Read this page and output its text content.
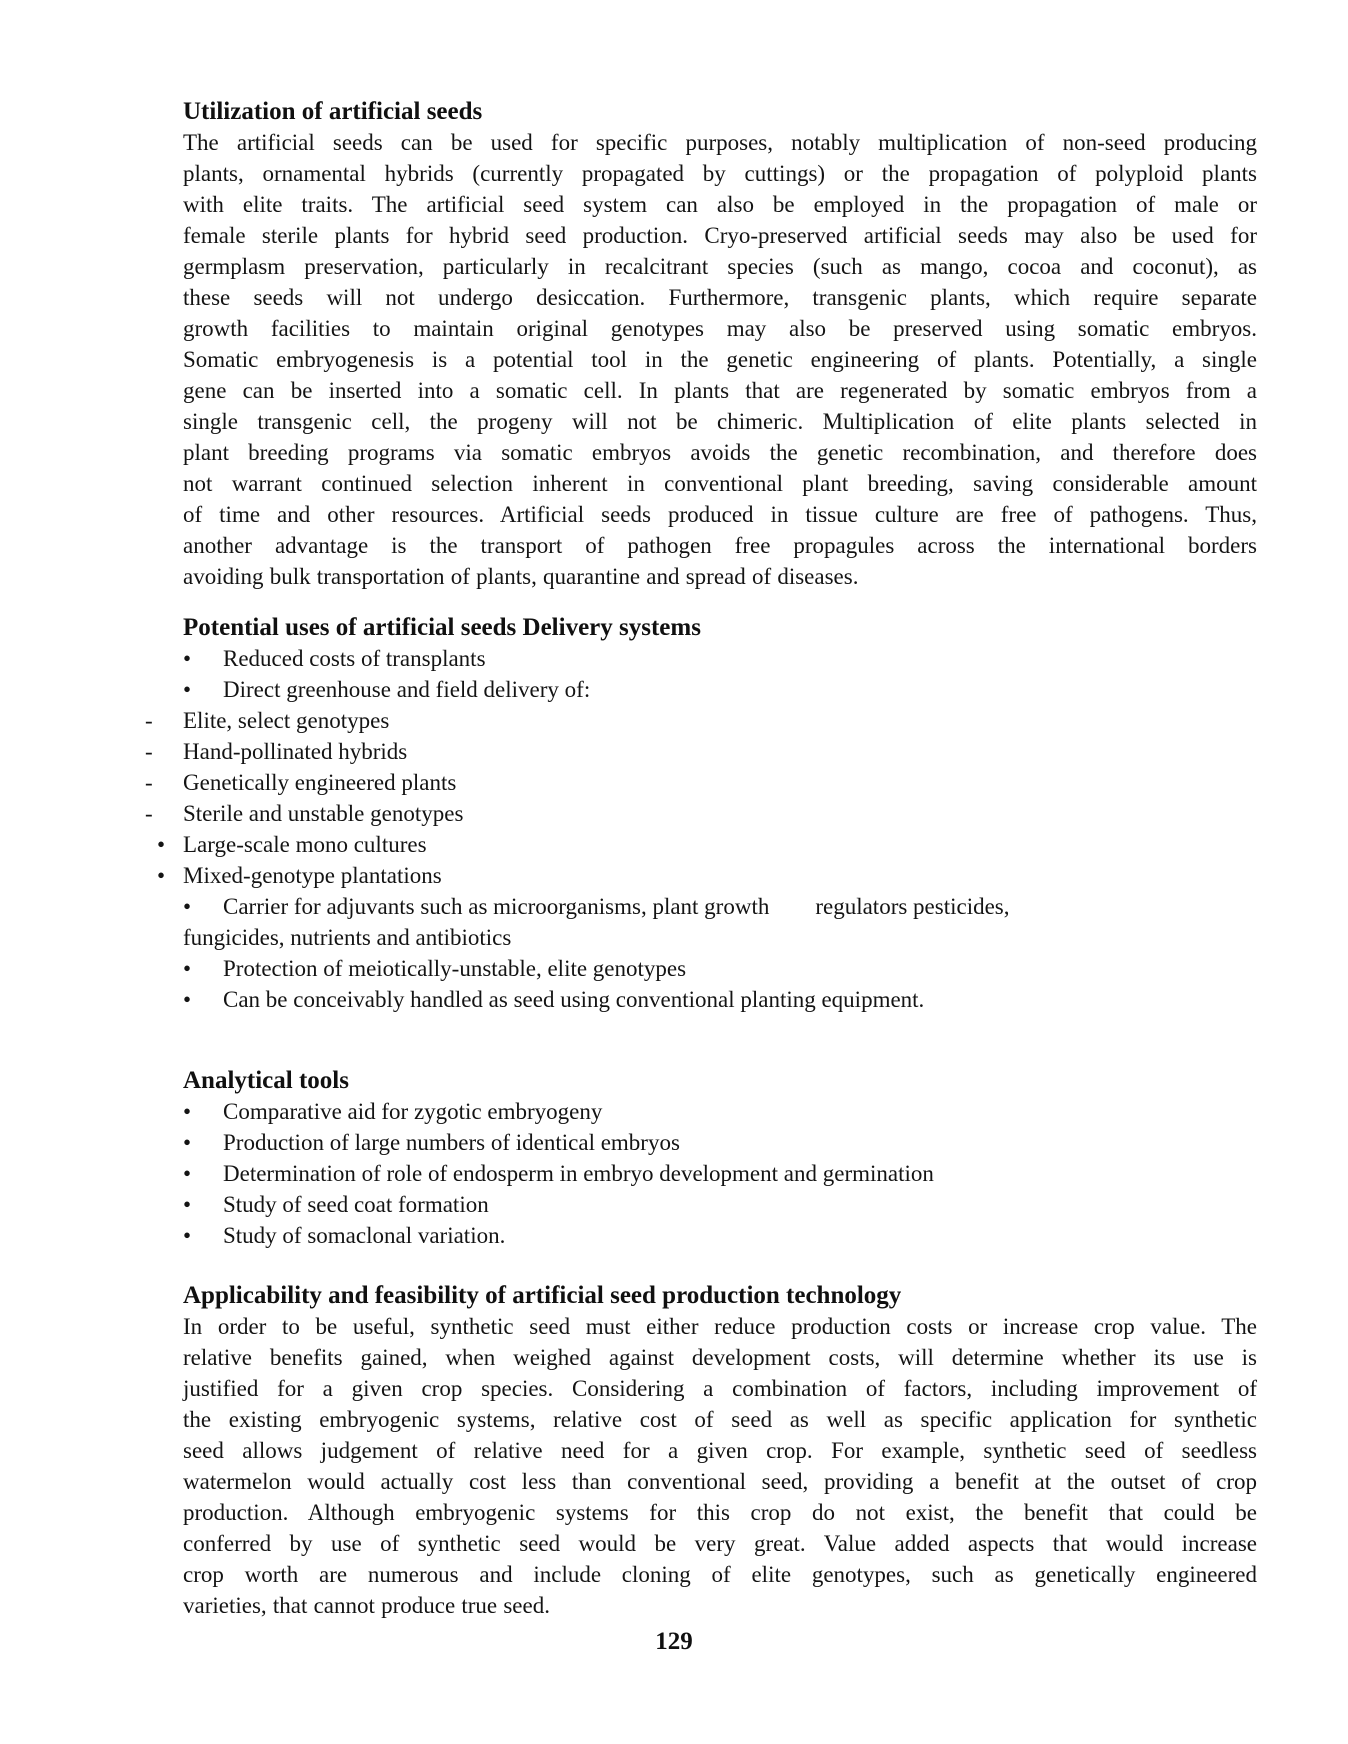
Utilization of artificial seeds
The artificial seeds can be used for specific purposes, notably multiplication of non-seed producing
plants, ornamental hybrids (currently propagated by cuttings) or the propagation of polyploid plants
with elite traits. The artificial seed system can also be employed in the propagation of male or
female sterile plants for hybrid seed production. Cryo-preserved artificial seeds may also be used for
germplasm preservation, particularly in recalcitrant species (such as mango, cocoa and coconut), as
these seeds will not undergo desiccation. Furthermore, transgenic plants, which require separate
growth facilities to maintain original genotypes may also be preserved using somatic embryos.
Somatic embryogenesis is a potential tool in the genetic engineering of plants. Potentially, a single
gene can be inserted into a somatic cell. In plants that are regenerated by somatic embryos from a
single transgenic cell, the progeny will not be chimeric. Multiplication of elite plants selected in
plant breeding programs via somatic embryos avoids the genetic recombination, and therefore does
not warrant continued selection inherent in conventional plant breeding, saving considerable amount
of time and other resources. Artificial seeds produced in tissue culture are free of pathogens. Thus,
another advantage is the transport of pathogen free propagules across the international borders
avoiding bulk transportation of plants, quarantine and spread of diseases.
Potential uses of artificial seeds Delivery systems
•	Reduced costs of transplants
•	Direct greenhouse and field delivery of:
-	Elite, select genotypes
-	Hand-pollinated hybrids
-	Genetically engineered plants
-	Sterile and unstable genotypes
• Large-scale mono cultures
• Mixed-genotype plantations
•	Carrier for adjuvants such as microorganisms, plant growth        regulators pesticides,
fungicides, nutrients and antibiotics
•	Protection of meiotically-unstable, elite genotypes
•	Can be conceivably handled as seed using conventional planting equipment.
Analytical tools
•	Comparative aid for zygotic embryogeny
•	Production of large numbers of identical embryos
•	Determination of role of endosperm in embryo development and germination
•	Study of seed coat formation
•	Study of somaclonal variation.
Applicability and feasibility of artificial seed production technology
In order to be useful, synthetic seed must either reduce production costs or increase crop value. The
relative benefits gained, when weighed against development costs, will determine whether its use is
justified for a given crop species. Considering a combination of factors, including improvement of
the existing embryogenic systems, relative cost of seed as well as specific application for synthetic
seed allows judgement of relative need for a given crop. For example, synthetic seed of seedless
watermelon would actually cost less than conventional seed, providing a benefit at the outset of crop
production. Although embryogenic systems for this crop do not exist, the benefit that could be
conferred by use of synthetic seed would be very great. Value added aspects that would increase
crop worth are numerous and include cloning of elite genotypes, such as genetically engineered
varieties, that cannot produce true seed.
129
